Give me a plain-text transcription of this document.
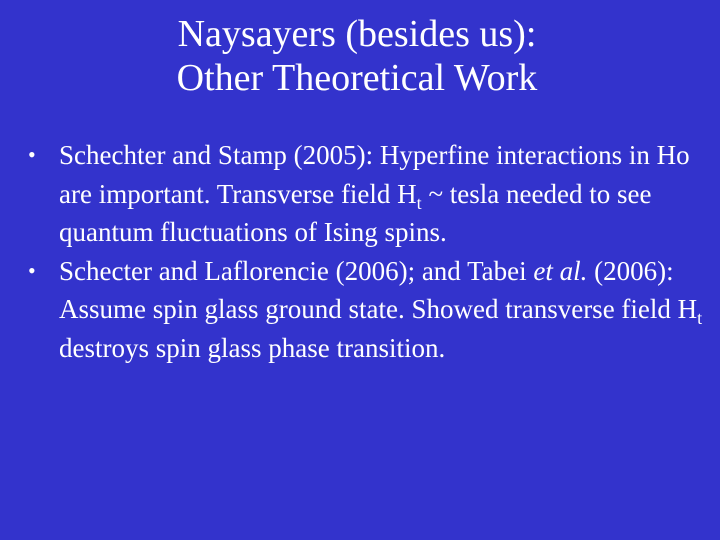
Naysayers (besides us):
Other Theoretical Work
• Schechter and Stamp (2005): Hyperfine interactions in Ho are important. Transverse field $H_t$ ~ tesla needed to see quantum fluctuations of Ising spins.
• Schecter and Laflorencie (2006); and Tabei et al. (2006): Assume spin glass ground state. Showed transverse field $H_t$ destroys spin glass phase transition.
